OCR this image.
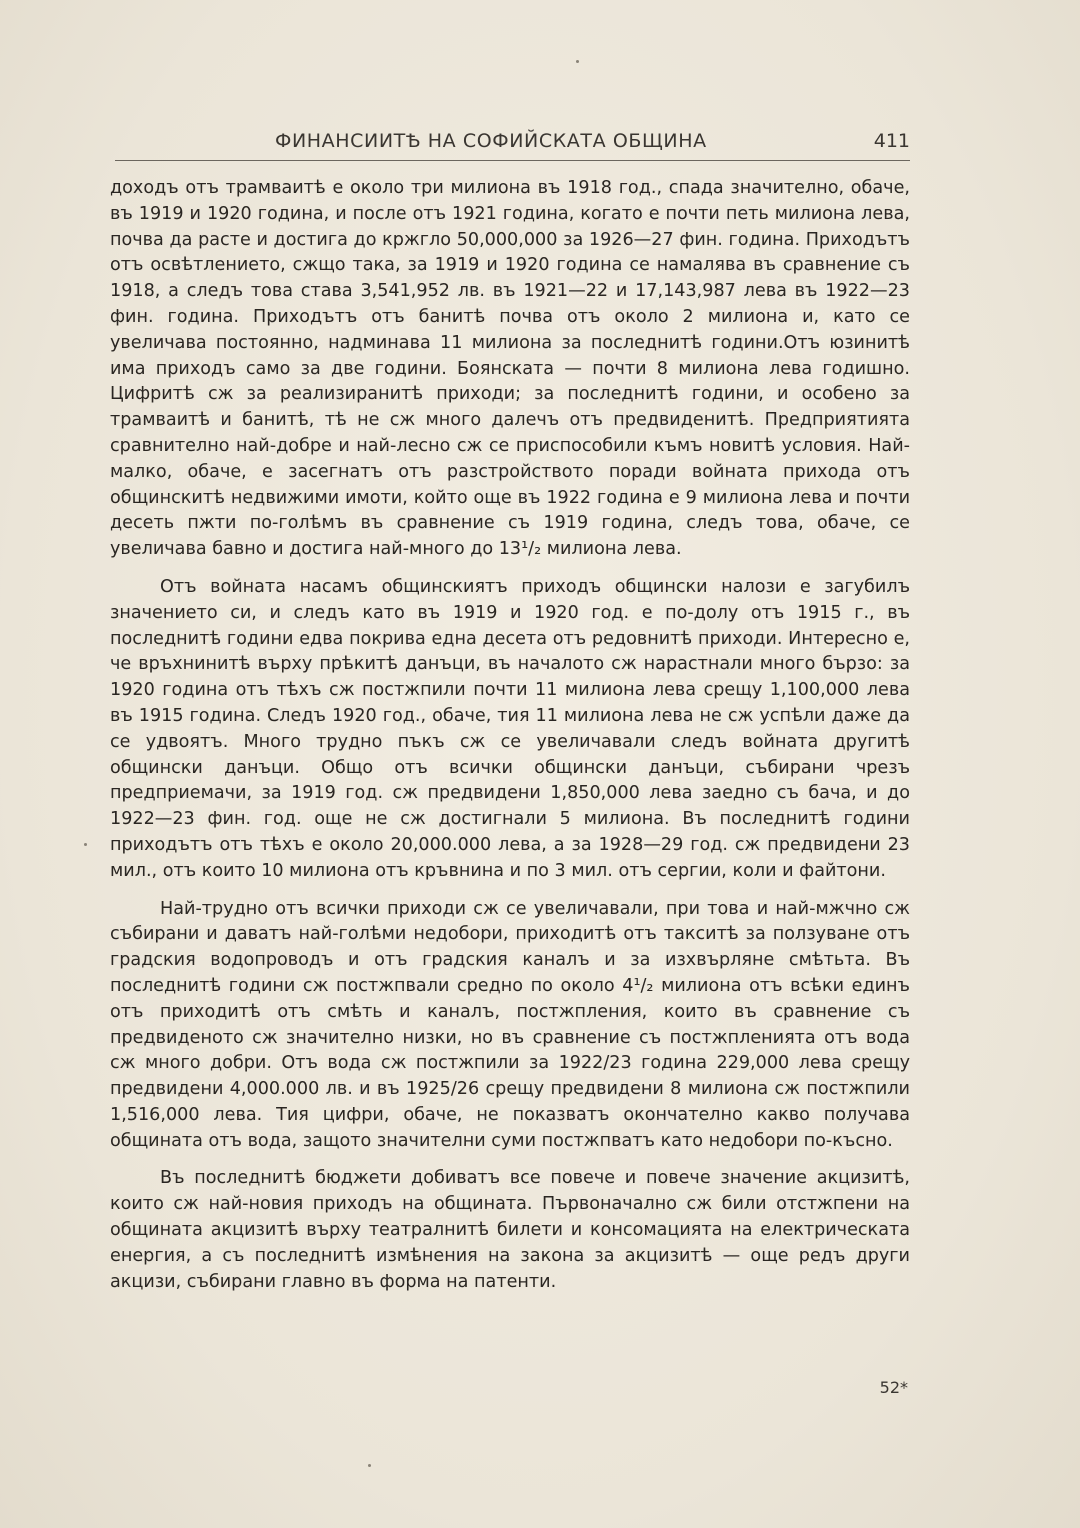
ФИНАНСИИТѢ НА СОФИЙСКАТА ОБЩИНА	411

доходъ отъ трамваитѣ е около три милиона въ 1918 год., спада значително, обаче, въ 1919 и 1920 година, и после отъ 1921 година, когато е почти петь милиона лева, почва да расте и достига до кржгло 50,000,000 за 1926—27 фин. година. Приходътъ отъ освѣтлението, сжщо така, за 1919 и 1920 година се намалява въ сравнение съ 1918, а следъ това става 3,541,952 лв. въ 1921—22 и 17,143,987 лева въ 1922—23 фин. година. Приходътъ отъ банитѣ почва отъ около 2 милиона и, като се увеличава постоянно, надминава 11 милиона за последнитѣ години.Отъ юзинитѣ има приходъ само за две години. Боянската — почти 8 милиона лева годишно. Цифритѣ сж за реализиранитѣ приходи; за последнитѣ години, и особено за трамваитѣ и банитѣ, тѣ не сж много далечъ отъ предвиденитѣ. Предприятията сравнително най-добре и най-лесно сж се приспособили къмъ новитѣ условия. Най-малко, обаче, е засегнатъ отъ разстройството поради войната прихода отъ общинскитѣ недвижими имоти, който още въ 1922 година е 9 милиона лева и почти десеть пжти по-голѣмъ въ сравнение съ 1919 година, следъ това, обаче, се увеличава бавно и достига най-много до 13¹/₂ милиона лева.

Отъ войната насамъ общинскиятъ приходъ общински налози е загубилъ значението си, и следъ като въ 1919 и 1920 год. е по-долу отъ 1915 г., въ последнитѣ години едва покрива една десета отъ редовнитѣ приходи. Интересно е, че връхнинитѣ върху прѣкитѣ данъци, въ началото сж нарастнали много бързо: за 1920 година отъ тѣхъ сж постжпили почти 11 милиона лева срещу 1,100,000 лева въ 1915 година. Следъ 1920 год., обаче, тия 11 милиона лева не сж успѣли даже да се удвоятъ. Много трудно пъкъ сж се увеличавали следъ войната другитѣ общински данъци. Общо отъ всички общински данъци, събирани чрезъ предприемачи, за 1919 год. сж предвидени 1,850,000 лева заедно съ бача, и до 1922—23 фин. год. още не сж достигнали 5 милиона. Въ последнитѣ години приходътъ отъ тѣхъ е около 20,000.000 лева, а за 1928—29 год. сж предвидени 23 мил., отъ които 10 милиона отъ кръвнина и по 3 мил. отъ сергии, коли и файтони.

Най-трудно отъ всички приходи сж се увеличавали, при това и най-мжчно сж събирани и даватъ най-голѣми недобори, приходитѣ отъ такситѣ за ползуване отъ градския водопроводъ и отъ градския каналъ и за изхвърляне смѣтьта. Въ последнитѣ години сж постжпвали средно по около 4¹/₂ милиона отъ всѣки единъ отъ приходитѣ отъ смѣть и каналъ, постжпления, които въ сравнение съ предвиденото сж значително низки, но въ сравнение съ постжпленията отъ вода сж много добри. Отъ вода сж постжпили за 1922/23 година 229,000 лева срещу предвидени 4,000.000 лв. и въ 1925/26 срещу предвидени 8 милиона сж постжпили 1,516,000 лева. Тия цифри, обаче, не показватъ окончателно какво получава общината отъ вода, защото значителни суми постжпватъ като недобори по-късно.

Въ последнитѣ бюджети добиватъ все повече и повече значение акцизитѣ, които сж най-новия приходъ на общината. Първоначално сж били отстжпени на общината акцизитѣ върху театралнитѣ билети и консомацията на електрическата енергия, а съ последнитѣ измѣнения на закона за акцизитѣ — още редъ други акцизи, събирани главно въ форма на патенти.

52*
